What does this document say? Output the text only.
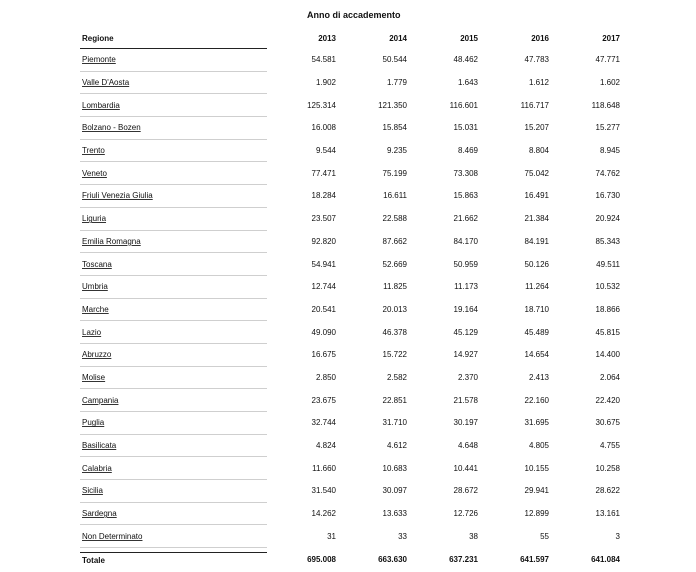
Anno di accademento
Regione	2013	2014	2015	2016	2017
Piemonte	54.581	50.544	48.462	47.783	47.771
Valle D'Aosta	1.902	1.779	1.643	1.612	1.602
Lombardia	125.314	121.350	116.601	116.717	118.648
Bolzano - Bozen	16.008	15.854	15.031	15.207	15.277
Trento	9.544	9.235	8.469	8.804	8.945
Veneto	77.471	75.199	73.308	75.042	74.762
Friuli Venezia Giulia	18.284	16.611	15.863	16.491	16.730
Liguria	23.507	22.588	21.662	21.384	20.924
Emilia Romagna	92.820	87.662	84.170	84.191	85.343
Toscana	54.941	52.669	50.959	50.126	49.511
Umbria	12.744	11.825	11.173	11.264	10.532
Marche	20.541	20.013	19.164	18.710	18.866
Lazio	49.090	46.378	45.129	45.489	45.815
Abruzzo	16.675	15.722	14.927	14.654	14.400
Molise	2.850	2.582	2.370	2.413	2.064
Campania	23.675	22.851	21.578	22.160	22.420
Puglia	32.744	31.710	30.197	31.695	30.675
Basilicata	4.824	4.612	4.648	4.805	4.755
Calabria	11.660	10.683	10.441	10.155	10.258
Sicilia	31.540	30.097	28.672	29.941	28.622
Sardegna	14.262	13.633	12.726	12.899	13.161
Non Determinato	31	33	38	55	3
Totale	695.008	663.630	637.231	641.597	641.084
